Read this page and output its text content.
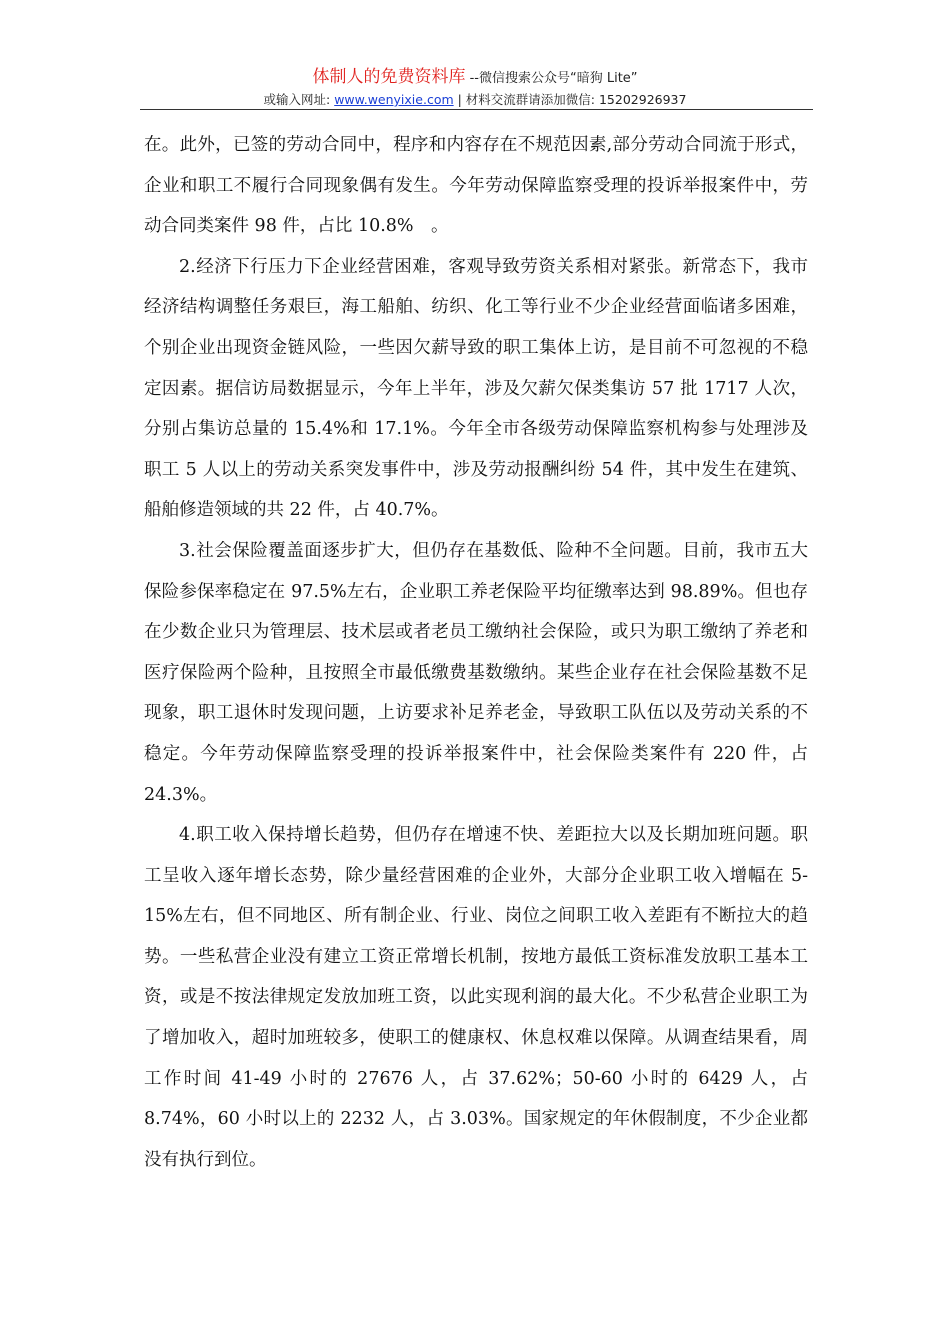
体制人的免费资料库 --微信搜索公众号“暗狗 Lite”
或输入网址: www.wenyixie.com | 材料交流群请添加微信: 15202926937

在。此外，已签的劳动合同中，程序和内容存在不规范因素,部分劳动合同流于形式，企业和职工不履行合同现象偶有发生。今年劳动保障监察受理的投诉举报案件中，劳动合同类案件 98 件，占比 10.8%　。

2.经济下行压力下企业经营困难，客观导致劳资关系相对紧张。新常态下，我市经济结构调整任务艰巨，海工船舶、纺织、化工等行业不少企业经营面临诸多困难，个别企业出现资金链风险，一些因欠薪导致的职工集体上访，是目前不可忽视的不稳定因素。据信访局数据显示，今年上半年，涉及欠薪欠保类集访 57 批 1717 人次，分别占集访总量的 15.4%和 17.1%。今年全市各级劳动保障监察机构参与处理涉及职工 5 人以上的劳动关系突发事件中，涉及劳动报酬纠纷 54 件，其中发生在建筑、船舶修造领域的共 22 件，占 40.7%。

3.社会保险覆盖面逐步扩大，但仍存在基数低、险种不全问题。目前，我市五大保险参保率稳定在 97.5%左右，企业职工养老保险平均征缴率达到 98.89%。但也存在少数企业只为管理层、技术层或者老员工缴纳社会保险，或只为职工缴纳了养老和医疗保险两个险种，且按照全市最低缴费基数缴纳。某些企业存在社会保险基数不足现象，职工退休时发现问题，上访要求补足养老金，导致职工队伍以及劳动关系的不稳定。今年劳动保障监察受理的投诉举报案件中，社会保险类案件有 220 件，占 24.3%。

4.职工收入保持增长趋势，但仍存在增速不快、差距拉大以及长期加班问题。职工呈收入逐年增长态势，除少量经营困难的企业外，大部分企业职工收入增幅在 5-15%左右，但不同地区、所有制企业、行业、岗位之间职工收入差距有不断拉大的趋势。一些私营企业没有建立工资正常增长机制，按地方最低工资标准发放职工基本工资，或是不按法律规定发放加班工资，以此实现利润的最大化。不少私营企业职工为了增加收入，超时加班较多，使职工的健康权、休息权难以保障。从调查结果看，周工作时间 41-49 小时的 27676 人，占 37.62%；50-60 小时的 6429 人，占 8.74%，60 小时以上的 2232 人，占 3.03%。国家规定的年休假制度，不少企业都没有执行到位。
